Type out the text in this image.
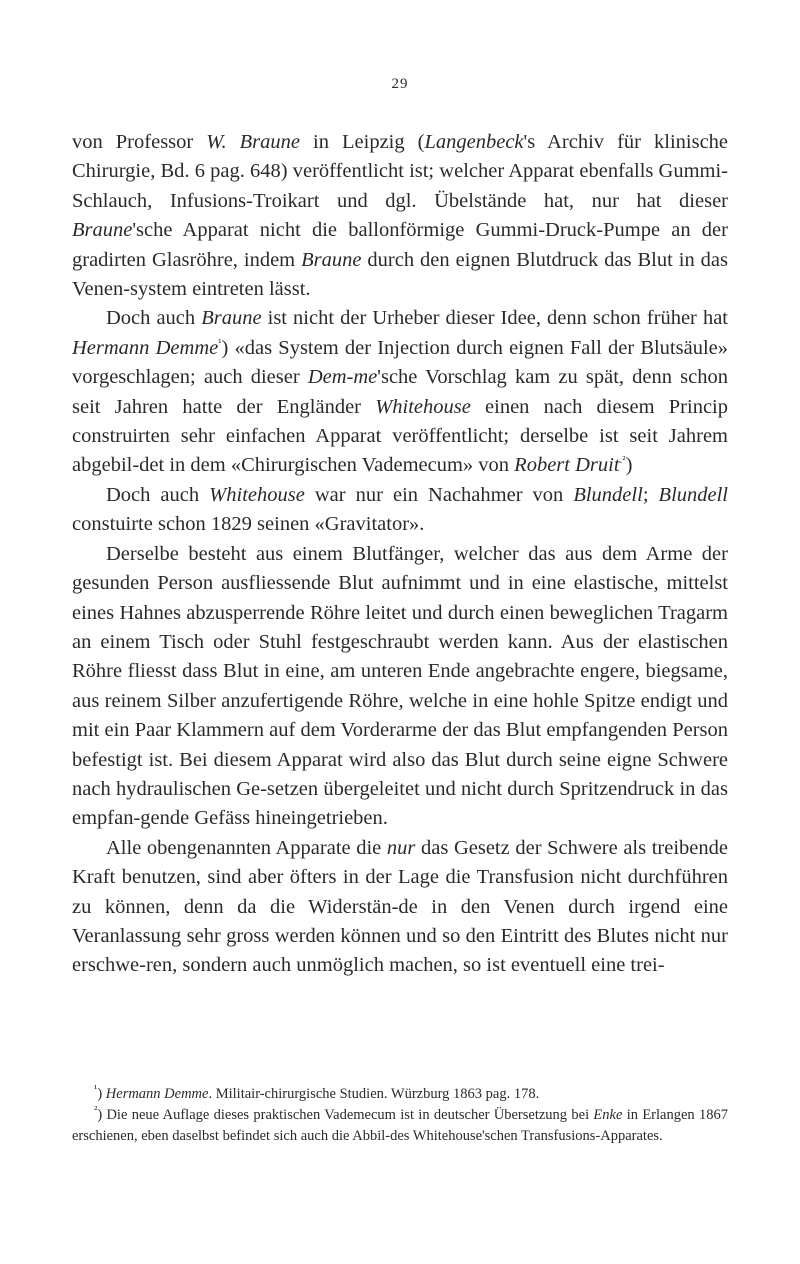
29

von Professor W. Braune in Leipzig (Langenbeck's Archiv für klinische Chirurgie, Bd. 6 pag. 648) veröffentlicht ist; welcher Apparat ebenfalls Gummi-Schlauch, Infusions-Troikart und dgl. Übelstände hat, nur hat dieser Braune'sche Apparat nicht die ballonförmige Gummi-Druck-Pumpe an der gradirten Glasröhre, indem Braune durch den eignen Blutdruck das Blut in das Venen-system eintreten lässt.

Doch auch Braune ist nicht der Urheber dieser Idee, denn schon früher hat Hermann Demme$^{^1}$) «das System der Injection durch eignen Fall der Blutsäule» vorgeschlagen; auch dieser Dem-me'sche Vorschlag kam zu spät, denn schon seit Jahren hatte der Engländer Whitehouse einen nach diesem Princip construirten sehr einfachen Apparat veröffentlicht; derselbe ist seit Jahrem abgebil-det in dem «Chirurgischen Vademecum» von Robert Druit$^{.^2}$)

Doch auch Whitehouse war nur ein Nachahmer von Blundell; Blundell constuirte schon 1829 seinen «Gravitator».

Derselbe besteht aus einem Blutfänger, welcher das aus dem Arme der gesunden Person ausfliessende Blut aufnimmt und in eine elastische, mittelst eines Hahnes abzusperrende Röhre leitet und durch einen beweglichen Tragarm an einem Tisch oder Stuhl festgeschraubt werden kann. Aus der elastischen Röhre fliesst dass Blut in eine, am unteren Ende angebrachte engere, biegsame, aus reinem Silber anzufertigende Röhre, welche in eine hohle Spitze endigt und mit ein Paar Klammern auf dem Vorderarme der das Blut empfangenden Person befestigt ist. Bei diesem Apparat wird also das Blut durch seine eigne Schwere nach hydraulischen Ge-setzen übergeleitet und nicht durch Spritzendruck in das empfan-gende Gefäss hineingetrieben.

Alle obengenannten Apparate die nur das Gesetz der Schwere als treibende Kraft benutzen, sind aber öfters in der Lage die Transfusion nicht durchführen zu können, denn da die Widerstän-de in den Venen durch irgend eine Veranlassung sehr gross werden können und so den Eintritt des Blutes nicht nur erschwe-ren, sondern auch unmöglich machen, so ist eventuell eine trei-

$^{^1}$) Hermann Demme. Militair-chirurgische Studien. Würzburg 1863 pag. 178.

$^{^2}$) Die neue Auflage dieses praktischen Vademecum ist in deutscher Übersetzung bei Enke in Erlangen 1867 erschienen, eben daselbst befindet sich auch die Abbil-des Whitehouse'schen Transfusions-Apparates.
